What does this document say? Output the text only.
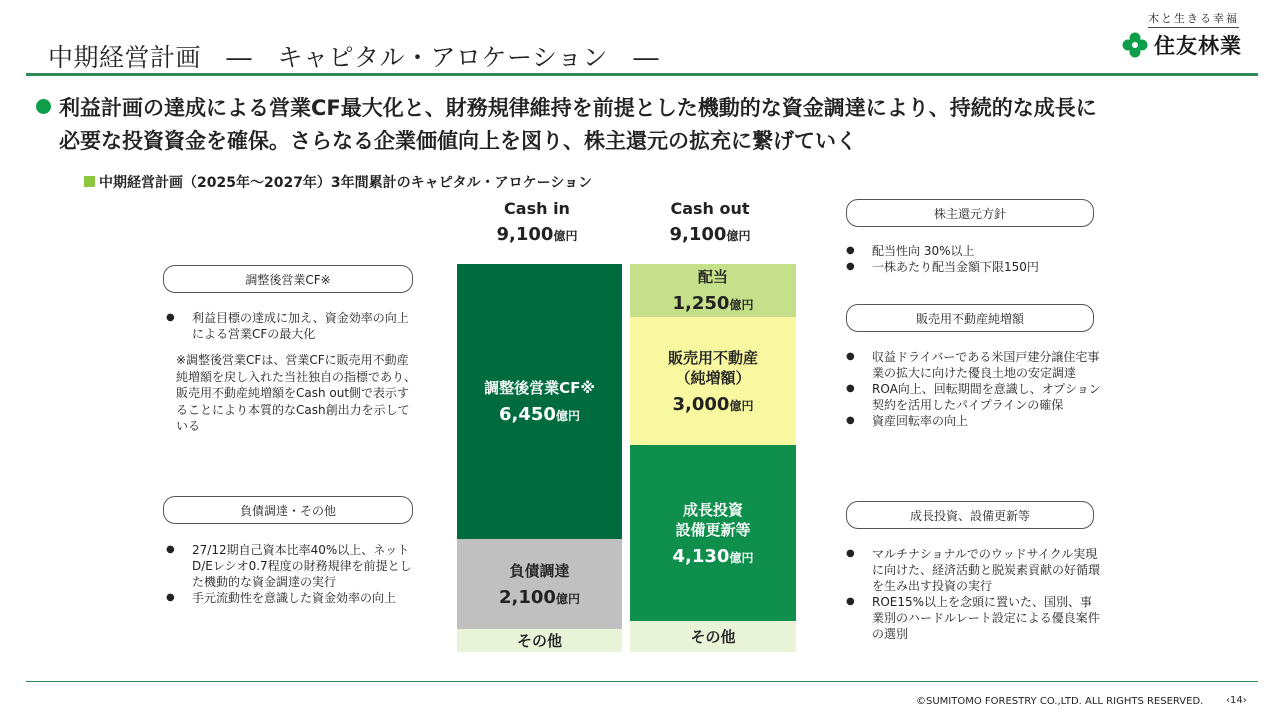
中期経営計画　―　キャピタル・アロケーション　―
木と生きる幸福
住友林業
利益計画の達成による営業CF最大化と、財務規律維持を前提とした機動的な資金調達により、持続的な成長に
必要な投資資金を確保。さらなる企業価値向上を図り、株主還元の拡充に繋げていく
中期経営計画（2025年～2027年）3年間累計のキャピタル・アロケーション
Cash in
9,100億円
Cash out
9,100億円
調整後営業CF※
6,450億円
負債調達
2,100億円
その他
配当
1,250億円
販売用不動産
（純増額）
3,000億円
成長投資
設備更新等
4,130億円
その他
調整後営業CF※
● 利益目標の達成に加え、資金効率の向上による営業CFの最大化
※調整後営業CFは、営業CFに販売用不動産純増額を戻し入れた当社独自の指標であり、販売用不動産純増額をCash out側で表示することにより本質的なCash創出力を示している
負債調達・その他
● 27/12期自己資本比率40%以上、ネットD/Eレシオ0.7程度の財務規律を前提とした機動的な資金調達の実行
● 手元流動性を意識した資金効率の向上
株主還元方針
● 配当性向 30%以上
● 一株あたり配当金額下限150円
販売用不動産純増額
● 収益ドライバーである米国戸建分譲住宅事業の拡大に向けた優良土地の安定調達
● ROA向上、回転期間を意識し、オプション契約を活用したパイプラインの確保
● 資産回転率の向上
成長投資、設備更新等
● マルチナショナルでのウッドサイクル実現に向けた、経済活動と脱炭素貢献の好循環を生み出す投資の実行
● ROE15%以上を念頭に置いた、国別、事業別のハードルレート設定による優良案件の選別
©SUMITOMO FORESTRY CO.,LTD. ALL RIGHTS RESERVED. ‹14›
